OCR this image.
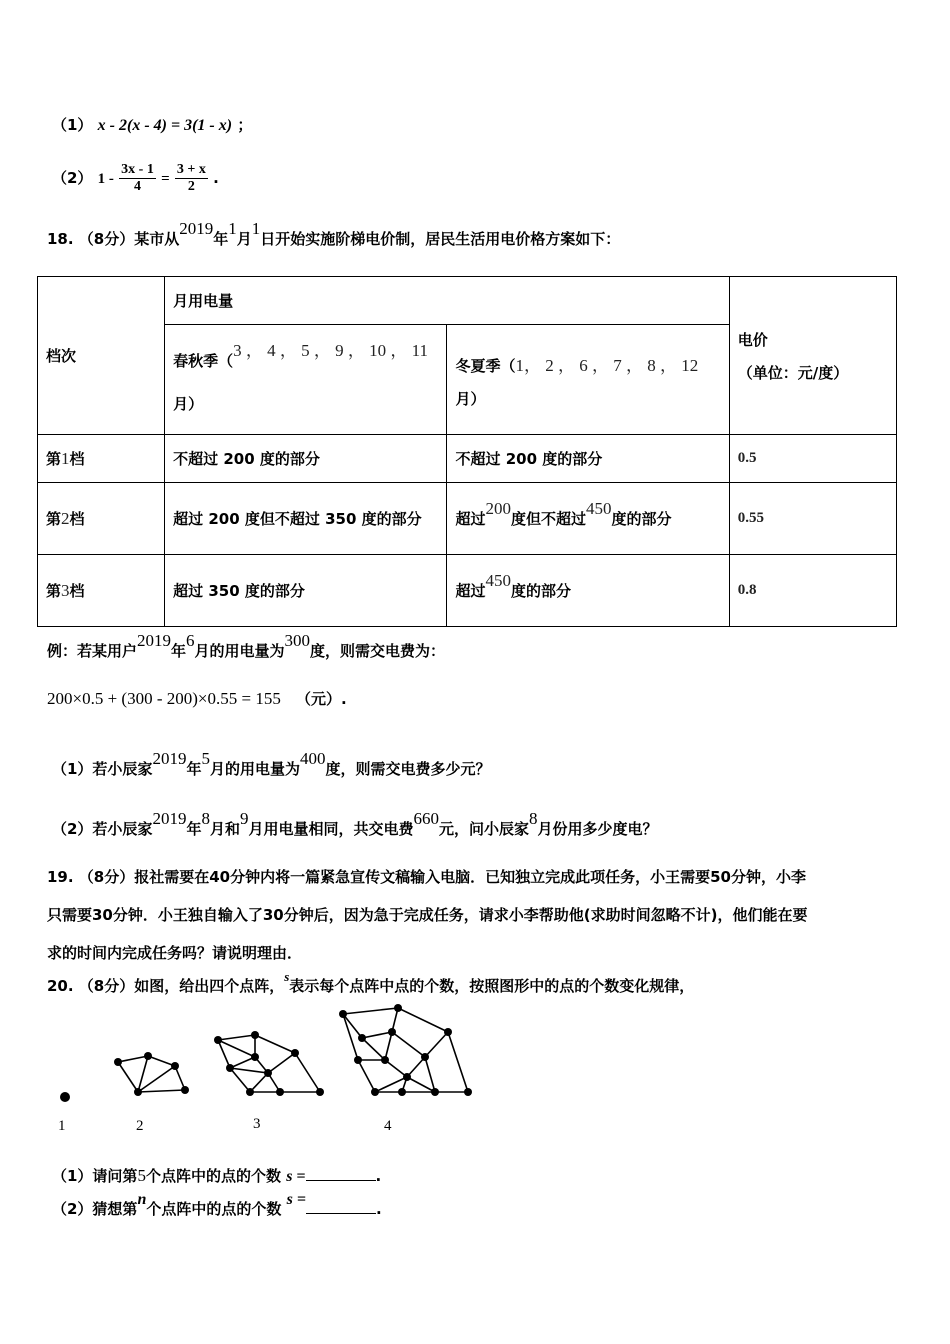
（1） x - 2(x - 4) = 3(1 - x) ；
（2） $1 - \frac{3x - 1}{4} = \frac{3 + x}{2}$ .
18. （8分）某市从2019年1月1日开始实施阶梯电价制，居民生活用电价格方案如下：
档次	月用电量		电价
（单位：元/度）

	春秋季（3 ， 4 ， 5 ， 9 ， 10 ， 11
月）	冬夏季（1， 2 ， 6 ， 7 ， 8 ， 12
月）	

第1档	不超过 200 度的部分	不超过 200 度的部分	0.5
第2档	超过 200 度但不超过 350 度的部分	超过200度但不超过450度的部分	0.55
第3档	超过 350 度的部分	超过450度的部分	0.8
例：若某用户2019年6月的用电量为300度，则需交电费为：
200×0.5 + (300 - 200)×0.55 = 155 （元）.
（1）若小辰家2019年5月的用电量为400度，则需交电费多少元？
（2）若小辰家2019年8月和9月用电量相同，共交电费660元，问小辰家8月份用多少度电？
19. （8分）报社需要在40分钟内将一篇紧急宣传文稿输入电脑．已知独立完成此项任务，小王需要50分钟，小李
只需要30分钟．小王独自输入了30分钟后，因为急于完成任务，请求小李帮助他(求助时间忽略不计)，他们能在要
求的时间内完成任务吗？请说明理由．
20. （8分）如图，给出四个点阵，s表示每个点阵中点的个数，按照图形中的点的个数变化规律，
1	2	3	4
（1）请问第5个点阵中的点的个数 s =	.
（2）猜想第n个点阵中的点的个数 s =.
